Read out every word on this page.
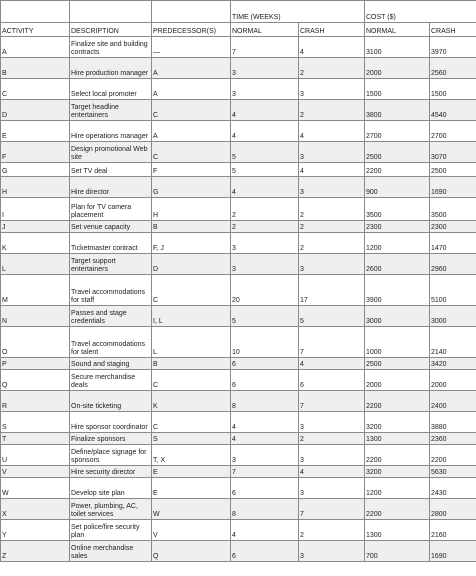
			TIME (WEEKS)		COST ($)	
ACTIVITY	DESCRIPTION	PREDECESSOR(S)	NORMAL	CRASH	NORMAL	CRASH
A	Finalize site and building contracts	—	7	4	3100	3970
B	Hire production manager	A	3	2	2000	2560
C	Select local promoter	A	3	3	1500	1500
D	Target headline entertainers	C	4	2	3800	4540
E	Hire operations manager	A	4	4	2700	2700
F	Design promotional Web site	C	5	3	2500	3070
G	Set TV deal	F	5	4	2200	2500
H	Hire director	G	4	3	900	1690
I	Plan for TV camera placement	H	2	2	3500	3500
J	Set venue capacity	B	2	2	2300	2300
K	Ticketmaster contract	F, J	3	2	1200	1470
L	Target support entertainers	D	3	3	2600	2960
M	Travel accommodations for staff	C	20	17	3900	5100
N	Passes and stage credentials	I, L	5	5	3000	3000
O	Travel accommodations for talent	L	10	7	1000	2140
P	Sound and staging	B	6	4	2500	3420
Q	Secure merchandise deals	C	6	6	2000	2000
R	On-site ticketing	K	8	7	2200	2400
S	Hire sponsor coordinator	C	4	3	3200	3880
T	Finalize sponsors	S	4	2	1300	2360
U	Define/place signage for sponsors	T, X	3	3	2200	2200
V	Hire security director	E	7	4	3200	5630
W	Develop site plan	E	6	3	1200	2430
X	Power, plumbing, AC, toilet services	W	8	7	2200	2800
Y	Set police/fire security plan	V	4	2	1300	2160
Z	Online merchandise sales	Q	6	3	700	1690
